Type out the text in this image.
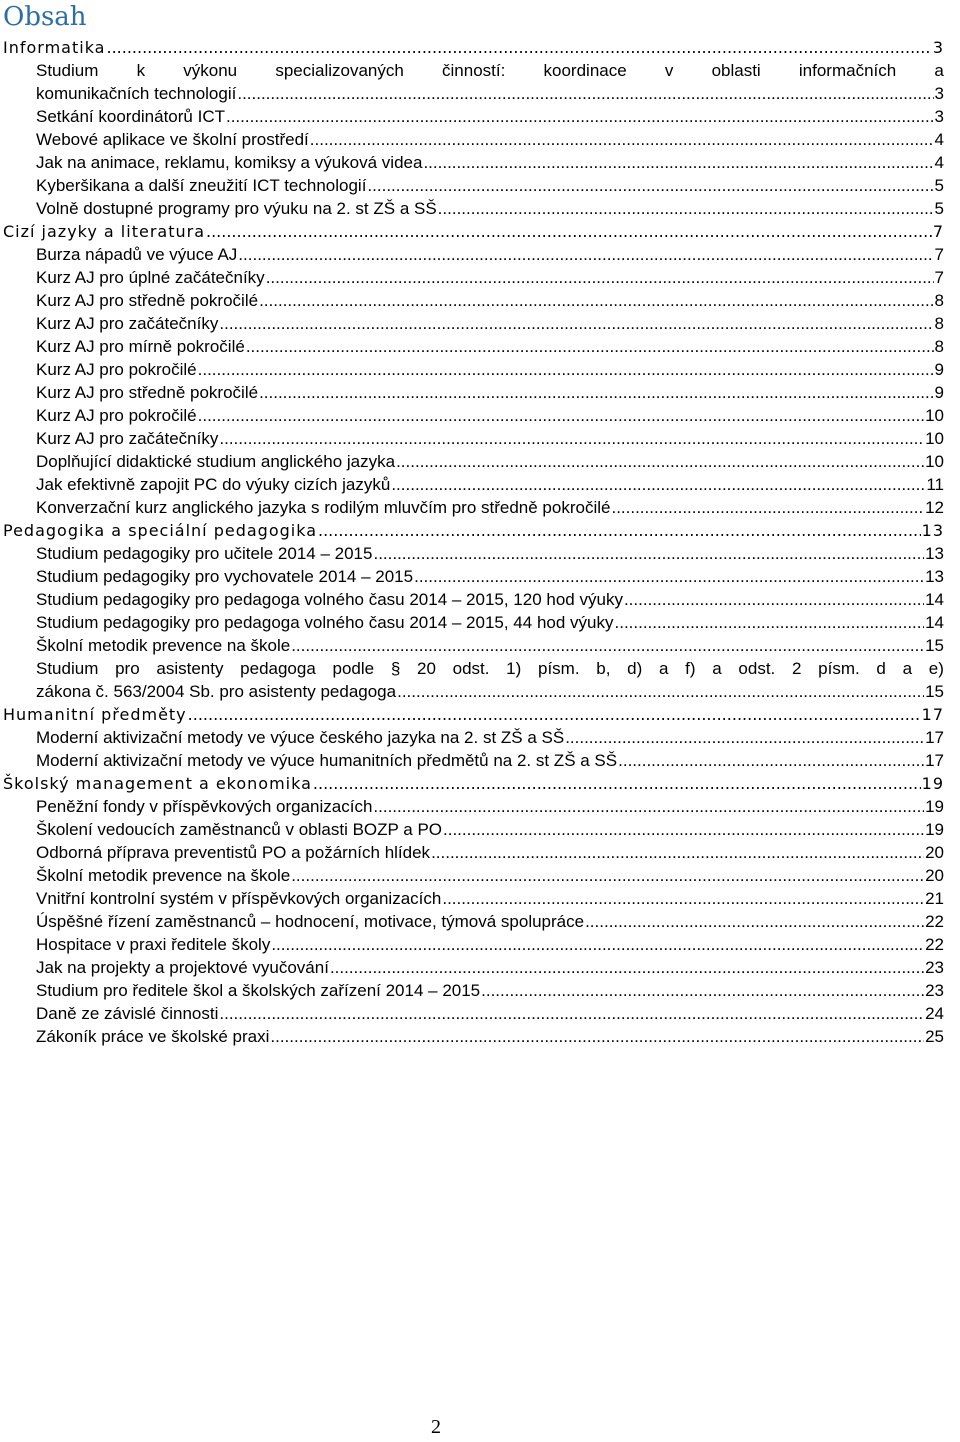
Obsah
Informatika .....	3
Studium k výkonu specializovaných činností: koordinace v oblasti informačních a
komunikačních technologií .....	3
Setkání koordinátorů ICT .....	3
Webové aplikace ve školní prostředí .....	4
Jak na animace, reklamu, komiksy a výuková videa .....	4
Kyberšikana a další zneužití ICT technologií .....	5
Volně dostupné programy pro výuku na 2. st ZŠ a SŠ .....	5
Cizí jazyky a literatura .....	7
Burza nápadů ve výuce AJ .....	7
Kurz AJ pro úplné začátečníky .....	7
Kurz AJ pro středně pokročilé .....	8
Kurz AJ pro začátečníky .....	8
Kurz AJ pro mírně pokročilé .....	8
Kurz AJ pro pokročilé .....	9
Kurz AJ pro středně pokročilé .....	9
Kurz AJ pro pokročilé .....	10
Kurz AJ pro začátečníky .....	10
Doplňující didaktické studium anglického jazyka .....	10
Jak efektivně zapojit PC do výuky cizích jazyků .....	11
Konverzační kurz anglického jazyka s rodilým mluvčím pro středně pokročilé .....	12
Pedagogika a speciální pedagogika .....	13
Studium pedagogiky pro učitele 2014 – 2015 .....	13
Studium pedagogiky pro vychovatele 2014 – 2015 .....	13
Studium pedagogiky pro pedagoga volného času 2014 – 2015, 120 hod výuky .....	14
Studium pedagogiky pro pedagoga volného času 2014 – 2015, 44 hod výuky .....	14
Školní metodik prevence na škole .....	15
Studium pro asistenty pedagoga podle § 20 odst. 1) písm. b, d) a f) a odst. 2 písm. d a e)
zákona č. 563/2004 Sb. pro asistenty pedagoga .....	15
Humanitní předměty .....	17
Moderní aktivizační metody ve výuce českého jazyka na 2. st ZŠ a SŠ .....	17
Moderní aktivizační metody ve výuce humanitních předmětů na 2. st ZŠ a SŠ .....	17
Školský management a ekonomika .....	19
Peněžní fondy v příspěvkových organizacích .....	19
Školení vedoucích zaměstnanců v oblasti BOZP a PO .....	19
Odborná příprava preventistů PO a požárních hlídek .....	20
Školní metodik prevence na škole .....	20
Vnitřní kontrolní systém v příspěvkových organizacích .....	21
Úspěšné řízení zaměstnanců – hodnocení, motivace, týmová spolupráce .....	22
Hospitace v praxi ředitele školy .....	22
Jak na projekty a projektové vyučování .....	23
Studium pro ředitele škol a školských zařízení 2014 – 2015 .....	23
Daně ze závislé činnosti .....	24
Zákoník práce ve školské praxi .....	25
2
